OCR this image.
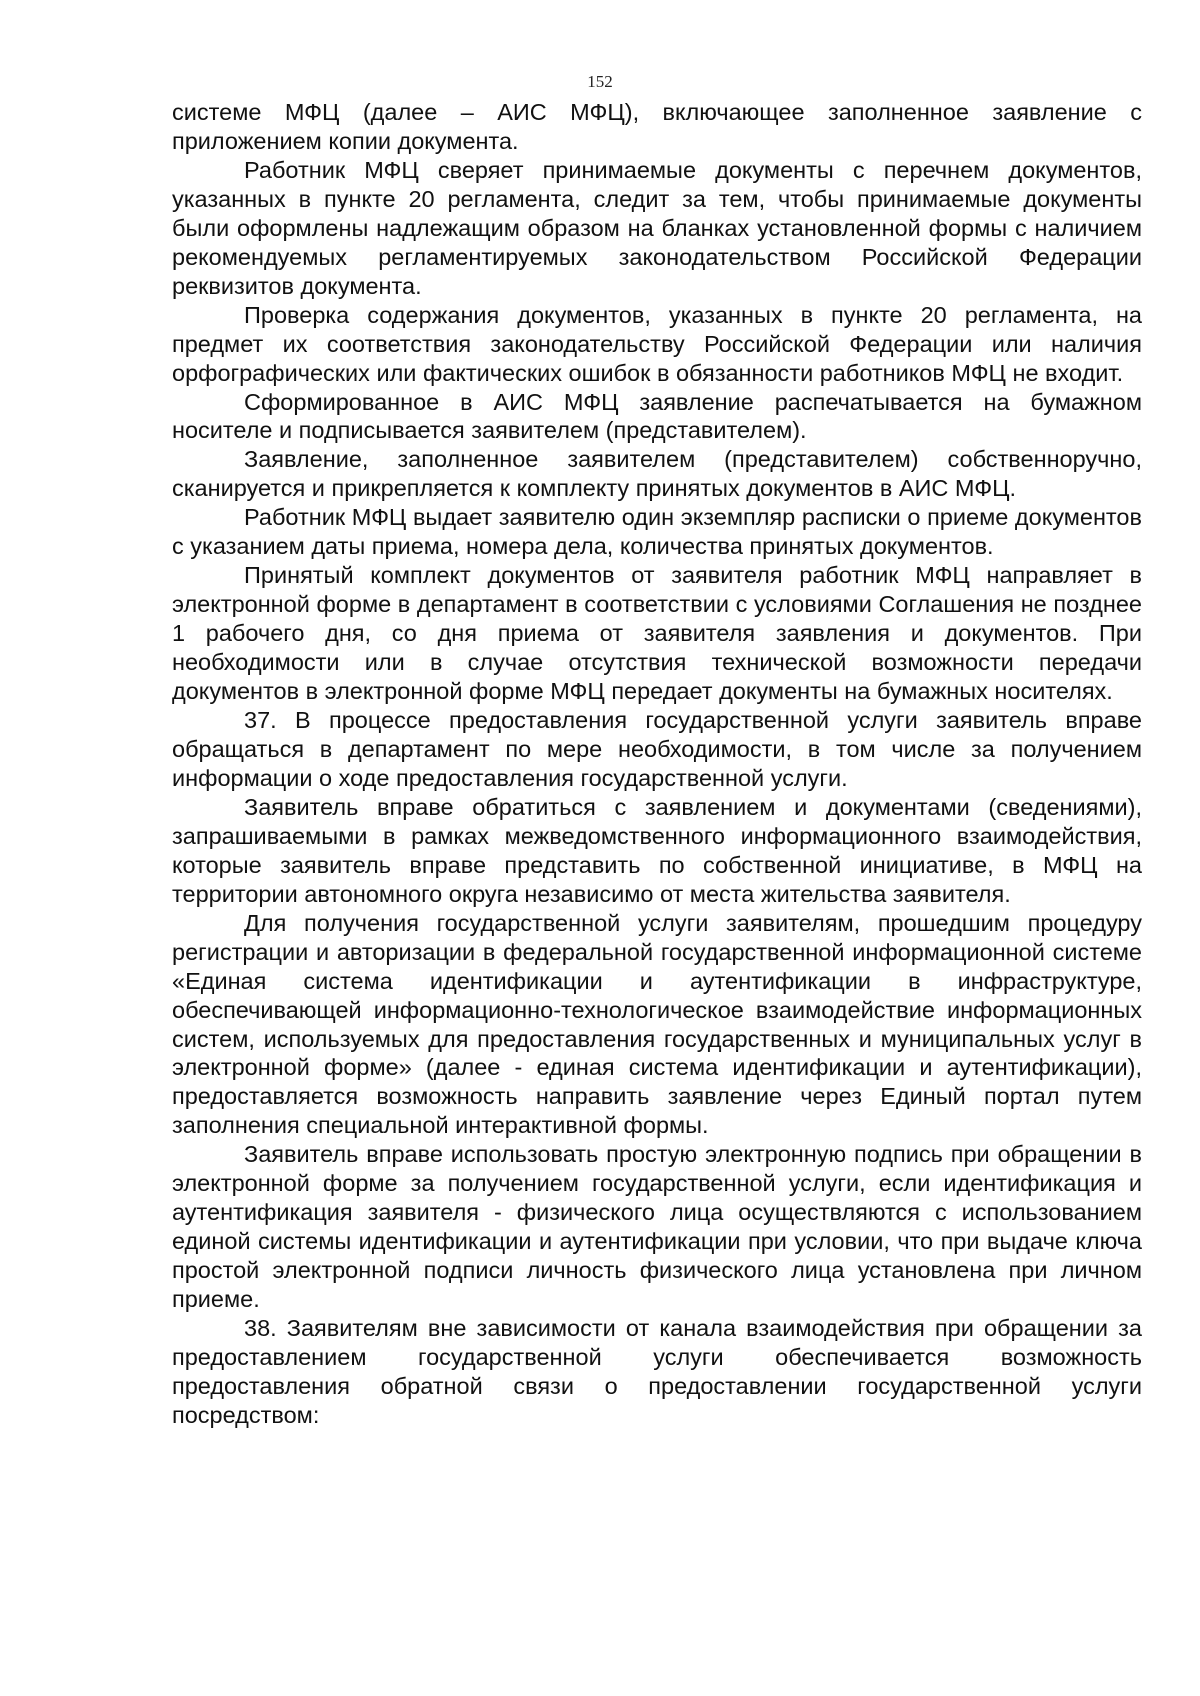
152

системе МФЦ (далее – АИС МФЦ), включающее заполненное заявление с приложением копии документа.

Работник МФЦ сверяет принимаемые документы с перечнем документов, указанных в пункте 20 регламента, следит за тем, чтобы принимаемые документы были оформлены надлежащим образом на бланках установленной формы с наличием рекомендуемых регламентируемых законодательством Российской Федерации реквизитов документа.

Проверка содержания документов, указанных в пункте 20 регламента, на предмет их соответствия законодательству Российской Федерации или наличия орфографических или фактических ошибок в обязанности работников МФЦ не входит.

Сформированное в АИС МФЦ заявление распечатывается на бумажном носителе и подписывается заявителем (представителем).

Заявление, заполненное заявителем (представителем) собственноручно, сканируется и прикрепляется к комплекту принятых документов в АИС МФЦ.

Работник МФЦ выдает заявителю один экземпляр расписки о приеме документов с указанием даты приема, номера дела, количества принятых документов.

Принятый комплект документов от заявителя работник МФЦ направляет в электронной форме в департамент в соответствии с условиями Соглашения не позднее 1 рабочего дня, со дня приема от заявителя заявления и документов. При необходимости или в случае отсутствия технической возможности передачи документов в электронной форме МФЦ передает документы на бумажных носителях.

37. В процессе предоставления государственной услуги заявитель вправе обращаться в департамент по мере необходимости, в том числе за получением информации о ходе предоставления государственной услуги.

Заявитель вправе обратиться с заявлением и документами (сведениями), запрашиваемыми в рамках межведомственного информационного взаимодействия, которые заявитель вправе представить по собственной инициативе, в МФЦ на территории автономного округа независимо от места жительства заявителя.

Для получения государственной услуги заявителям, прошедшим процедуру регистрации и авторизации в федеральной государственной информационной системе «Единая система идентификации и аутентификации в инфраструктуре, обеспечивающей информационно-технологическое взаимодействие информационных систем, используемых для предоставления государственных и муниципальных услуг в электронной форме» (далее - единая система идентификации и аутентификации), предоставляется возможность направить заявление через Единый портал путем заполнения специальной интерактивной формы.

Заявитель вправе использовать простую электронную подпись при обращении в электронной форме за получением государственной услуги, если идентификация и аутентификация заявителя - физического лица осуществляются с использованием единой системы идентификации и аутентификации при условии, что при выдаче ключа простой электронной подписи личность физического лица установлена при личном приеме.

38. Заявителям вне зависимости от канала взаимодействия при обращении за предоставлением государственной услуги обеспечивается возможность предоставления обратной связи о предоставлении государственной услуги посредством:
